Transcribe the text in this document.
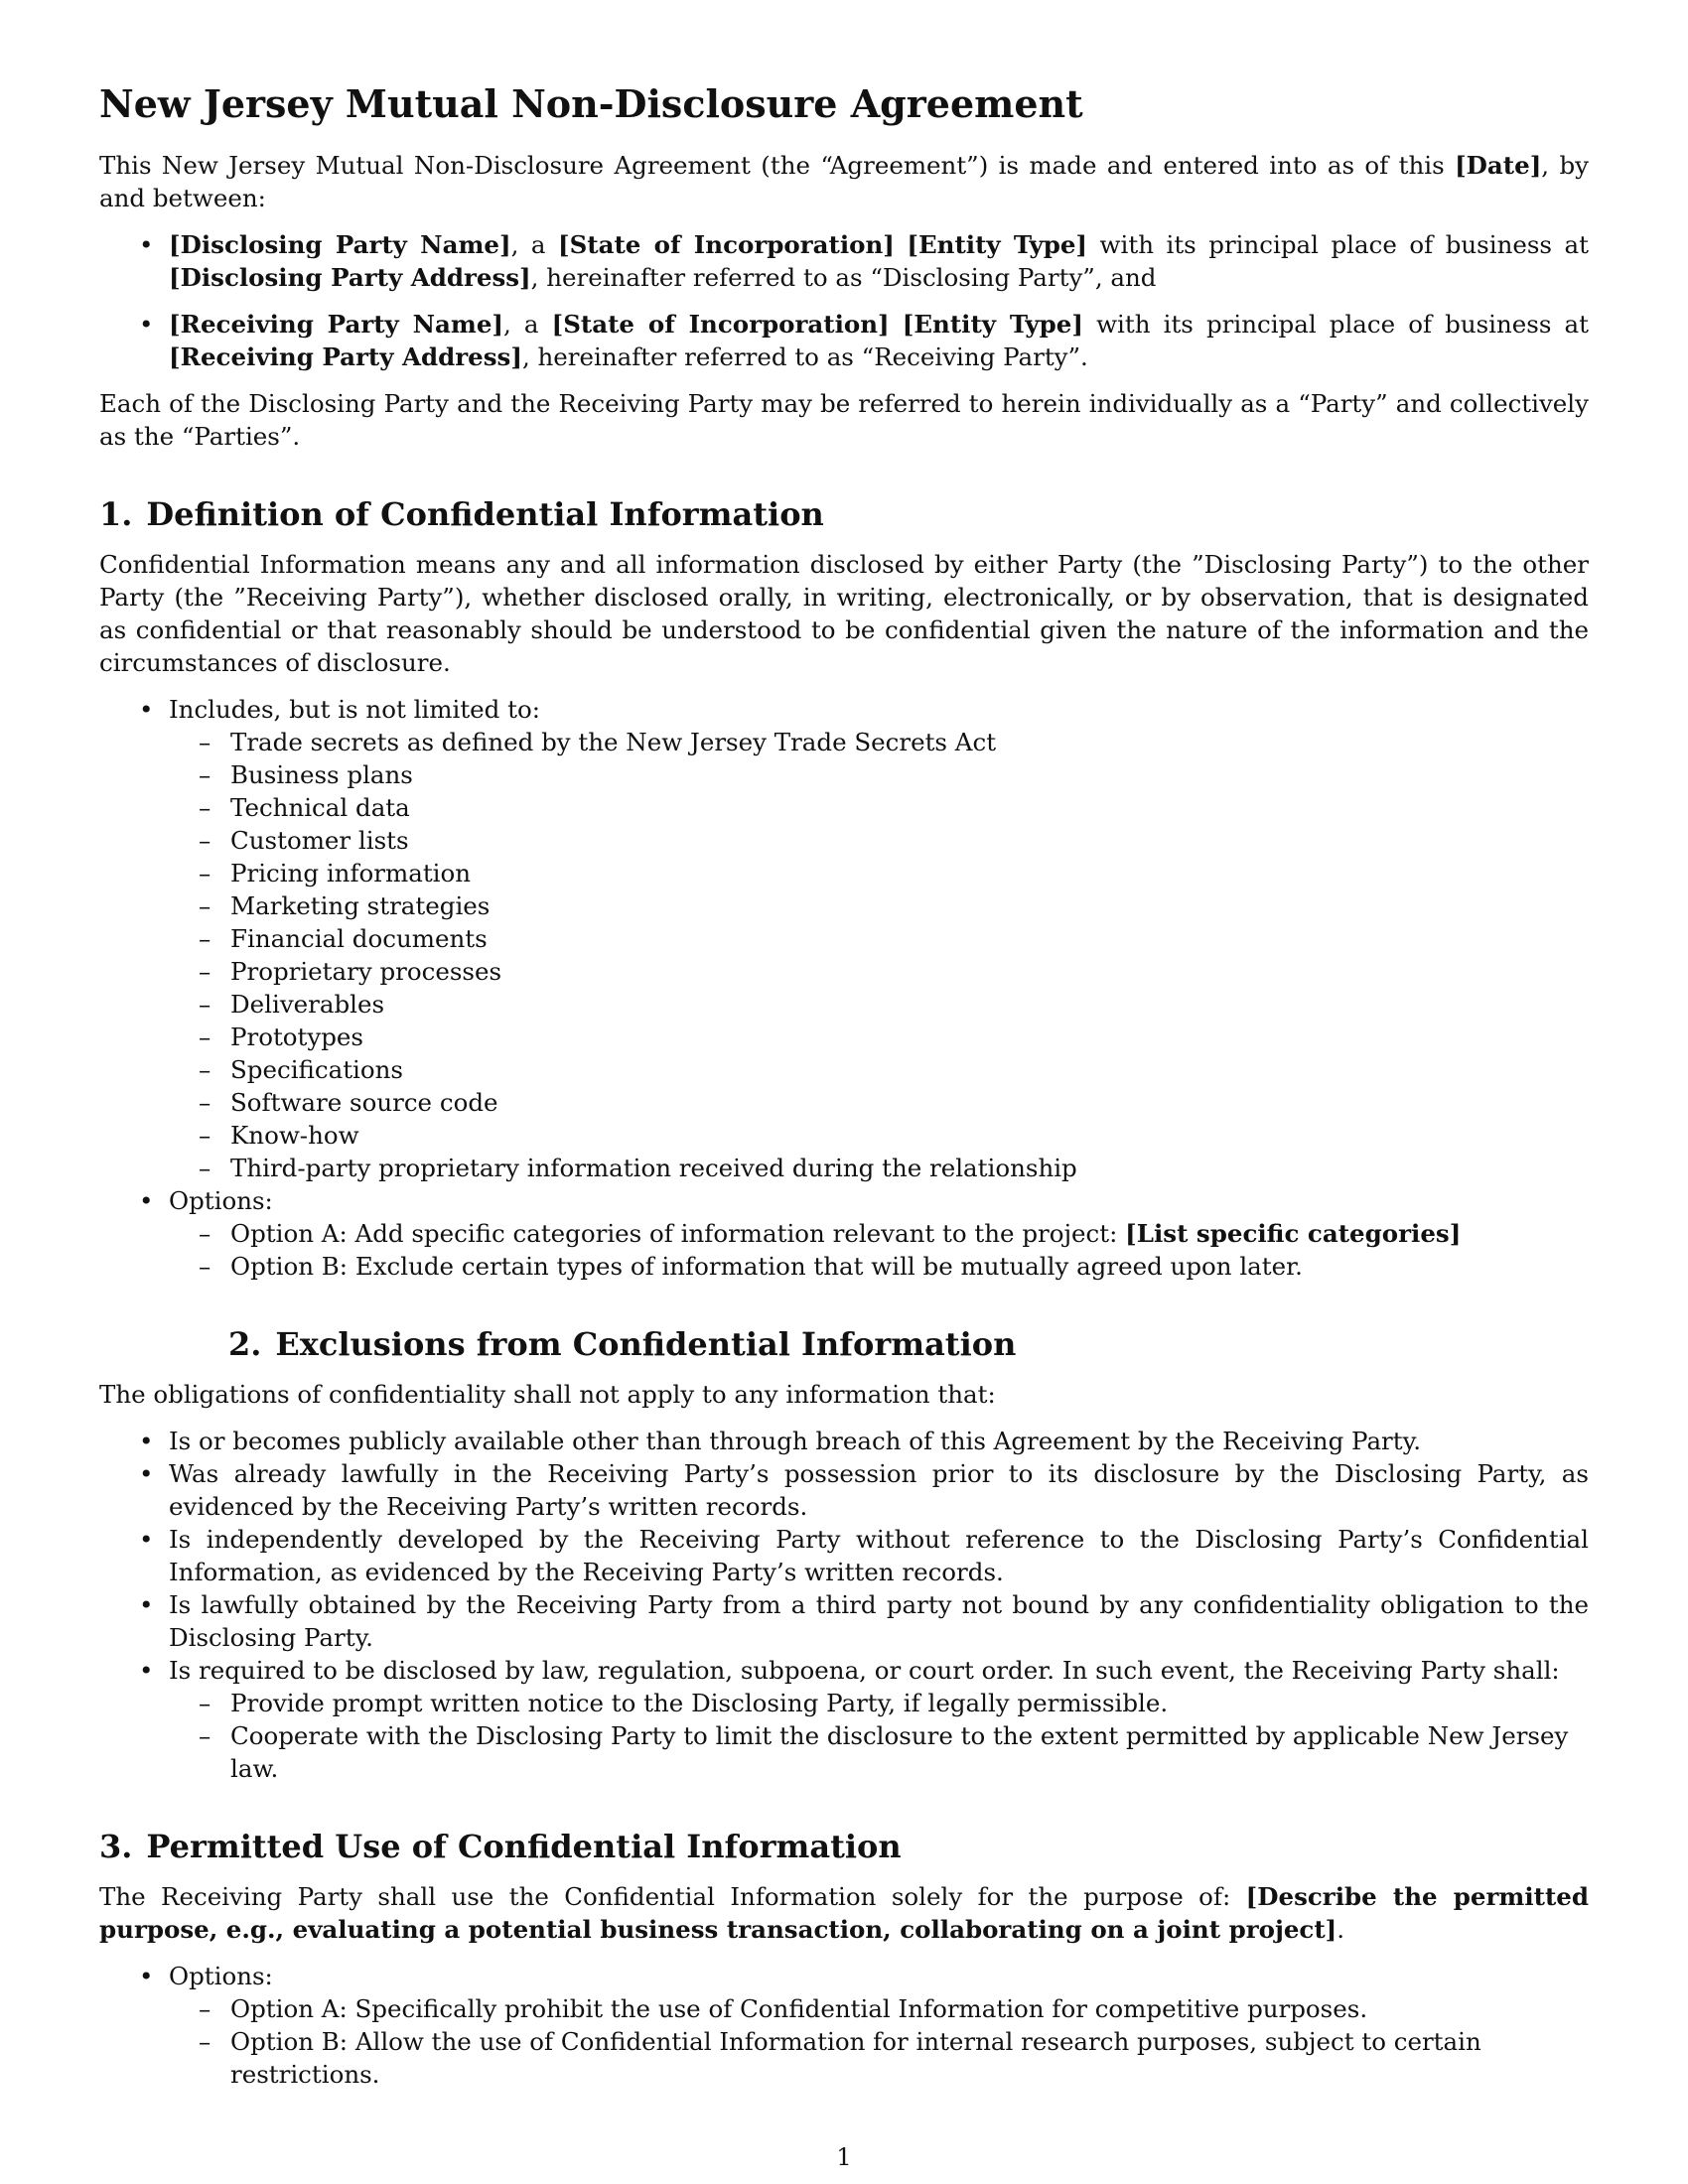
New Jersey Mutual Non-Disclosure Agreement

This New Jersey Mutual Non-Disclosure Agreement (the “Agreement”) is made and entered into as of this [Date], by and between:

• [Disclosing Party Name], a [State of Incorporation] [Entity Type] with its principal place of business at [Disclosing Party Address], hereinafter referred to as “Disclosing Party”, and
• [Receiving Party Name], a [State of Incorporation] [Entity Type] with its principal place of business at [Receiving Party Address], hereinafter referred to as “Receiving Party”.

Each of the Disclosing Party and the Receiving Party may be referred to herein individually as a “Party” and collectively as the “Parties”.

1. Definition of Confidential Information

Confidential Information means any and all information disclosed by either Party (the ”Disclosing Party”) to the other Party (the ”Receiving Party”), whether disclosed orally, in writing, electronically, or by observation, that is designated as confidential or that reasonably should be understood to be confidential given the nature of the information and the circumstances of disclosure.

• Includes, but is not limited to:
– Trade secrets as defined by the New Jersey Trade Secrets Act
– Business plans
– Technical data
– Customer lists
– Pricing information
– Marketing strategies
– Financial documents
– Proprietary processes
– Deliverables
– Prototypes
– Specifications
– Software source code
– Know-how
– Third-party proprietary information received during the relationship
• Options:
– Option A: Add specific categories of information relevant to the project: [List specific categories]
– Option B: Exclude certain types of information that will be mutually agreed upon later.
2. Exclusions from Confidential Information

The obligations of confidentiality shall not apply to any information that:

• Is or becomes publicly available other than through breach of this Agreement by the Receiving Party.
• Was already lawfully in the Receiving Party’s possession prior to its disclosure by the Disclosing Party, as evidenced by the Receiving Party’s written records.
• Is independently developed by the Receiving Party without reference to the Disclosing Party’s Confidential Information, as evidenced by the Receiving Party’s written records.
• Is lawfully obtained by the Receiving Party from a third party not bound by any confidentiality obligation to the Disclosing Party.
• Is required to be disclosed by law, regulation, subpoena, or court order. In such event, the Receiving Party shall:
– Provide prompt written notice to the Disclosing Party, if legally permissible.
– Cooperate with the Disclosing Party to limit the disclosure to the extent permitted by applicable New Jersey law.
3. Permitted Use of Confidential Information

The Receiving Party shall use the Confidential Information solely for the purpose of: [Describe the permitted purpose, e.g., evaluating a potential business transaction, collaborating on a joint project].

• Options:
– Option A: Specifically prohibit the use of Confidential Information for competitive purposes.
– Option B: Allow the use of Confidential Information for internal research purposes, subject to certain restrictions.
1
